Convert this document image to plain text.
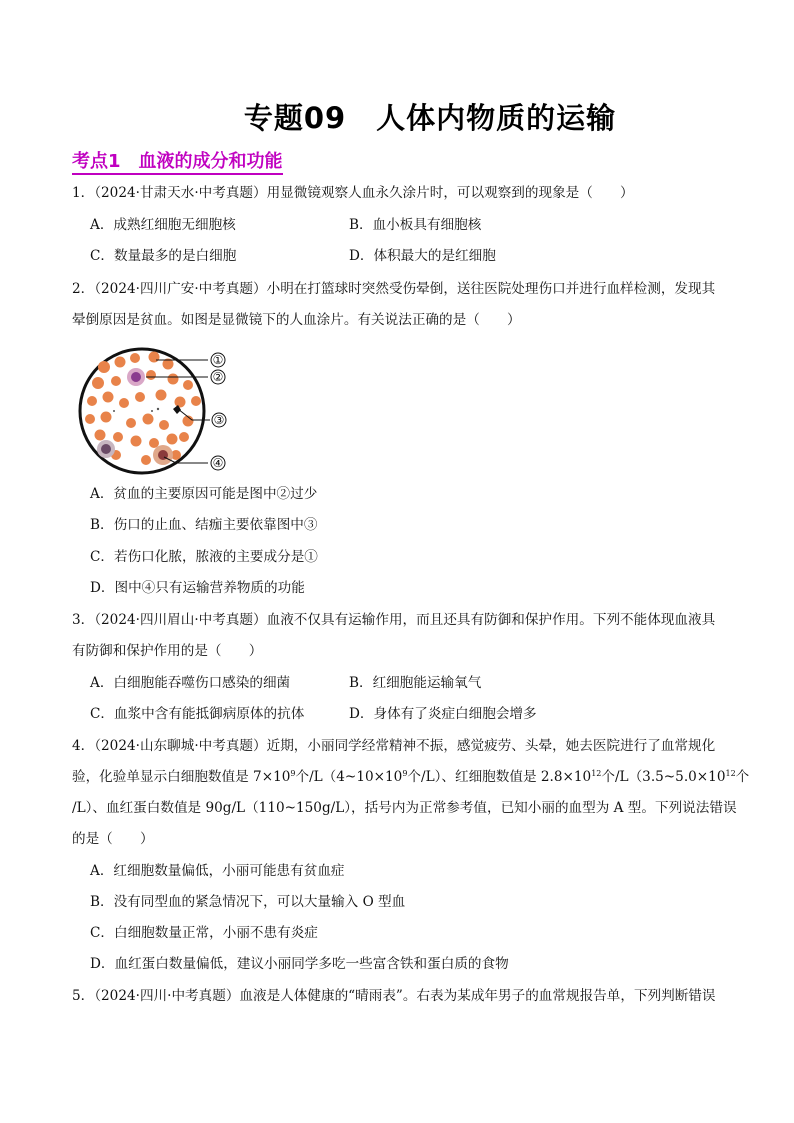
专题09　人体内物质的运输
考点1　血液的成分和功能
1．（2024·甘肃天水·中考真题）用显微镜观察人血永久涂片时，可以观察到的现象是（　　）
A．成熟红细胞无细胞核	B．血小板具有细胞核
C．数量最多的是白细胞	D．体积最大的是红细胞
2．（2024·四川广安·中考真题）小明在打篮球时突然受伤晕倒，送往医院处理伤口并进行血样检测，发现其
晕倒原因是贫血。如图是显微镜下的人血涂片。有关说法正确的是（　　）
①
②
③
④
A．贫血的主要原因可能是图中②过少
B．伤口的止血、结痂主要依靠图中③
C．若伤口化脓，脓液的主要成分是①
D．图中④只有运输营养物质的功能
3．（2024·四川眉山·中考真题）血液不仅具有运输作用，而且还具有防御和保护作用。下列不能体现血液具
有防御和保护作用的是（　　）
A．白细胞能吞噬伤口感染的细菌	B．红细胞能运输氧气
C．血浆中含有能抵御病原体的抗体	D．身体有了炎症白细胞会增多
4．（2024·山东聊城·中考真题）近期，小丽同学经常精神不振，感觉疲劳、头晕，她去医院进行了血常规化
验，化验单显示白细胞数值是 $7\times 10^9$个$/L(4\sim 10\times 10^9$个/L）、红细胞数值是 $2.8\times 10^{12}$个$/L(3.5\sim 5.0\times 10^{12}$个
/L）、血红蛋白数值是 90g/L（110~150g/L），括号内为正常参考值，已知小丽的血型为 A 型。下列说法错误
的是（　　）
A．红细胞数量偏低，小丽可能患有贫血症
B．没有同型血的紧急情况下，可以大量输入 O 型血
C．白细胞数量正常，小丽不患有炎症
D．血红蛋白数量偏低，建议小丽同学多吃一些富含铁和蛋白质的食物
5．（2024·四川·中考真题）血液是人体健康的“晴雨表”。右表为某成年男子的血常规报告单，下列判断错误
